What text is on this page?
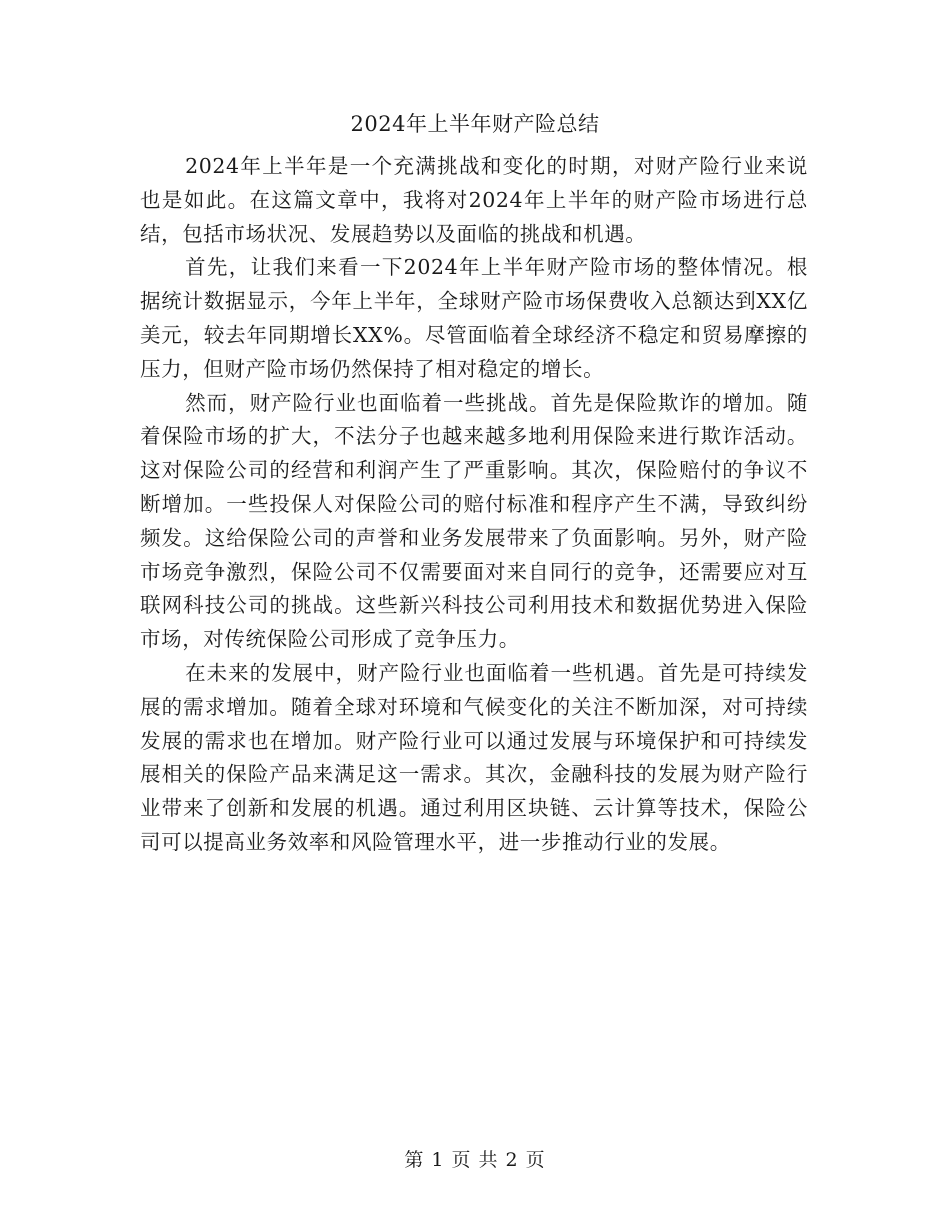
2024年上半年财产险总结

2024年上半年是一个充满挑战和变化的时期，对财产险行业来说也是如此。在这篇文章中，我将对2024年上半年的财产险市场进行总结，包括市场状况、发展趋势以及面临的挑战和机遇。

首先，让我们来看一下2024年上半年财产险市场的整体情况。根据统计数据显示，今年上半年，全球财产险市场保费收入总额达到XX亿美元，较去年同期增长XX%。尽管面临着全球经济不稳定和贸易摩擦的压力，但财产险市场仍然保持了相对稳定的增长。

然而，财产险行业也面临着一些挑战。首先是保险欺诈的增加。随着保险市场的扩大，不法分子也越来越多地利用保险来进行欺诈活动。这对保险公司的经营和利润产生了严重影响。其次，保险赔付的争议不断增加。一些投保人对保险公司的赔付标准和程序产生不满，导致纠纷频发。这给保险公司的声誉和业务发展带来了负面影响。另外，财产险市场竞争激烈，保险公司不仅需要面对来自同行的竞争，还需要应对互联网科技公司的挑战。这些新兴科技公司利用技术和数据优势进入保险市场，对传统保险公司形成了竞争压力。

在未来的发展中，财产险行业也面临着一些机遇。首先是可持续发展的需求增加。随着全球对环境和气候变化的关注不断加深，对可持续发展的需求也在增加。财产险行业可以通过发展与环境保护和可持续发展相关的保险产品来满足这一需求。其次，金融科技的发展为财产险行业带来了创新和发展的机遇。通过利用区块链、云计算等技术，保险公司可以提高业务效率和风险管理水平，进一步推动行业的发展。

第 1 页 共 2 页
